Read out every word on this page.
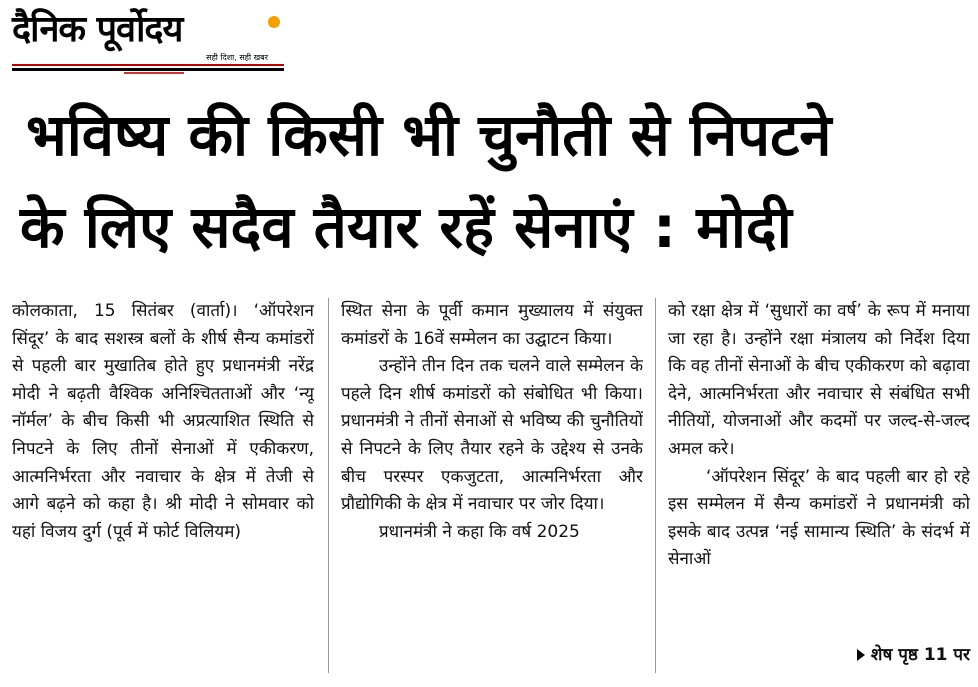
दैनिक पूर्वोदय
सही दिशा, सही खबर
भविष्य की किसी भी चुनौती से निपटने
के लिए सदैव तैयार रहें सेनाएं : मोदी

कोलकाता, 15 सितंबर (वार्ता)। ‘ऑपरेशन सिंदूर’ के बाद सशस्त्र बलों के शीर्ष सैन्य कमांडरों से पहली बार मुखातिब होते हुए प्रधानमंत्री नरेंद्र मोदी ने बढ़ती वैश्विक अनिश्चितताओं और ‘न्यू नॉर्मल’ के बीच किसी भी अप्रत्याशित स्थिति से निपटने के लिए तीनों सेनाओं में एकीकरण, आत्मनिर्भरता और नवाचार के क्षेत्र में तेजी से आगे बढ़ने को कहा है। श्री मोदी ने सोमवार को यहां विजय दुर्ग (पूर्व में फोर्ट विलियम)

स्थित सेना के पूर्वी कमान मुख्यालय में संयुक्त कमांडरों के 16वें सम्मेलन का उद्घाटन किया।

उन्होंने तीन दिन तक चलने वाले सम्मेलन के पहले दिन शीर्ष कमांडरों को संबोधित भी किया। प्रधानमंत्री ने तीनों सेनाओं से भविष्य की चुनौतियों से निपटने के लिए तैयार रहने के उद्देश्य से उनके बीच परस्पर एकजुटता, आत्मनिर्भरता और प्रौद्योगिकी के क्षेत्र में नवाचार पर जोर दिया।

प्रधानमंत्री ने कहा कि वर्ष 2025

को रक्षा क्षेत्र में ‘सुधारों का वर्ष’ के रूप में मनाया जा रहा है। उन्होंने रक्षा मंत्रालय को निर्देश दिया कि वह तीनों सेनाओं के बीच एकीकरण को बढ़ावा देने, आत्मनिर्भरता और नवाचार से संबंधित सभी नीतियों, योजनाओं और कदमों पर जल्द-से-जल्द अमल करे।

‘ऑपरेशन सिंदूर’ के बाद पहली बार हो रहे इस सम्मेलन में सैन्य कमांडरों ने प्रधानमंत्री को इसके बाद उत्पन्न ‘नई सामान्य स्थिति’ के संदर्भ में सेनाओं

शेष पृष्ठ 11 पर
